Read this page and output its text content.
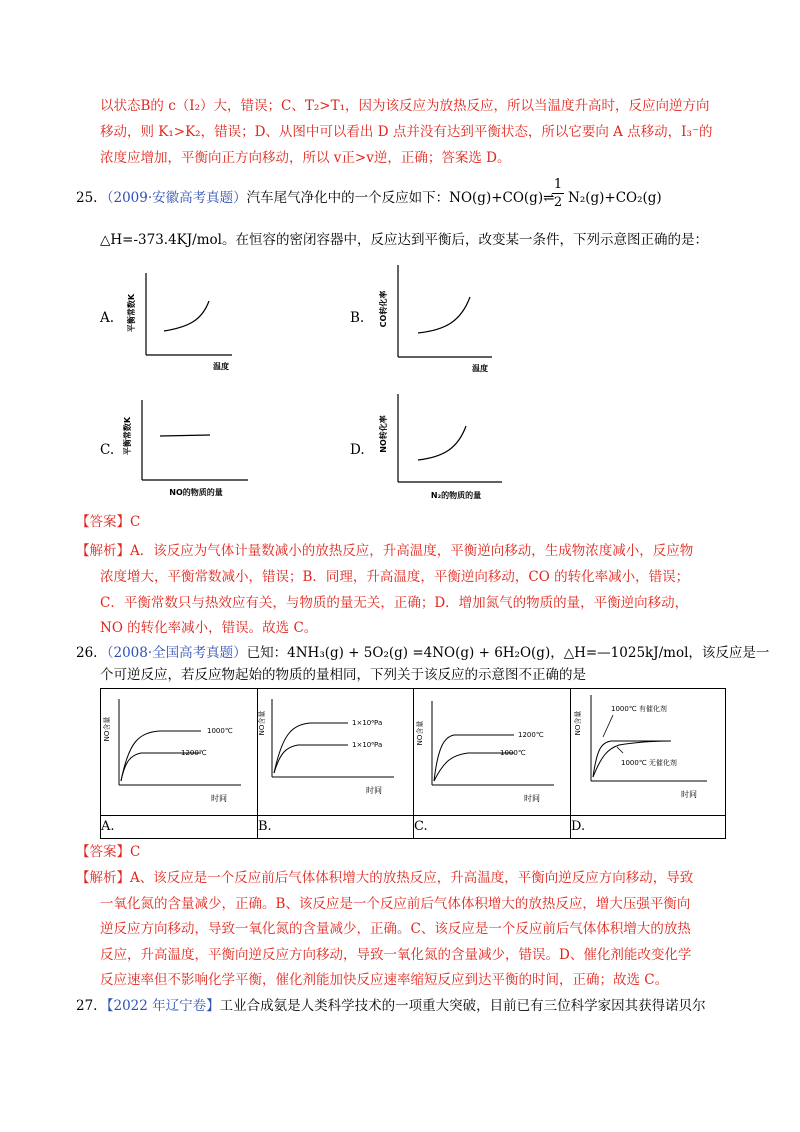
以状态B的 c（I₂）大，错误；C、T₂>T₁，因为该反应为放热反应，所以当温度升高时，反应向逆方向
移动，则 K₁>K₂，错误；D、从图中可以看出 D 点并没有达到平衡状态，所以它要向 A 点移动，I₃⁻的
浓度应增加，平衡向正方向移动，所以 v正>v逆，正确；答案选 D。
25. （2009·安徽高考真题）汽车尾气净化中的一个反应如下：NO(g)+CO(g)⇌
$\frac{1}{2} N_2(g)+CO_2(g)$
△H=-373.4KJ/mol。在恒容的密闭容器中，反应达到平衡后，改变某一条件，下列示意图正确的是：
A. 平衡常数K
温度
B. CO转化率
温度
C. 平衡常数K
NO的物质的量
D. NO转化率
N₂的物质的量
【答案】C
【解析】A．该反应为气体计量数减小的放热反应，升高温度，平衡逆向移动，生成物浓度减小，反应物
浓度增大，平衡常数减小，错误；B．同理，升高温度，平衡逆向移动，CO 的转化率减小，错误；
C．平衡常数只与热效应有关，与物质的量无关，正确；D．增加氮气的物质的量，平衡逆向移动，
NO 的转化率减小，错误。故选 C。
26. （2008·全国高考真题）已知：4NH₃(g) + 5O₂(g) =4NO(g) + 6H₂O(g)，△H=—1025kJ/mol，该反应是一
个可逆反应，若反应物起始的物质的量相同，下列关于该反应的示意图不正确的是
NO含量 1000℃
1200℃
时间	NO含量 1×10⁶Pa
1×10⁶Pa
时间	NO含量 1200℃
1000℃
时间	NO含量
1000℃ 有催化剂
1000℃ 无催化剂
时间

A.	B.	C.	D.
【答案】C
【解析】A、该反应是一个反应前后气体体积增大的放热反应，升高温度，平衡向逆反应方向移动，导致
一氧化氮的含量减少，正确。B、该反应是一个反应前后气体体积增大的放热反应，增大压强平衡向
逆反应方向移动，导致一氧化氮的含量减少，正确。C、该反应是一个反应前后气体体积增大的放热
反应，升高温度，平衡向逆反应方向移动，导致一氧化氮的含量减少，错误。D、催化剂能改变化学
反应速率但不影响化学平衡，催化剂能加快反应速率缩短反应到达平衡的时间，正确；故选 C。
27. 【2022 年辽宁卷】工业合成氨是人类科学技术的一项重大突破，目前已有三位科学家因其获得诺贝尔
